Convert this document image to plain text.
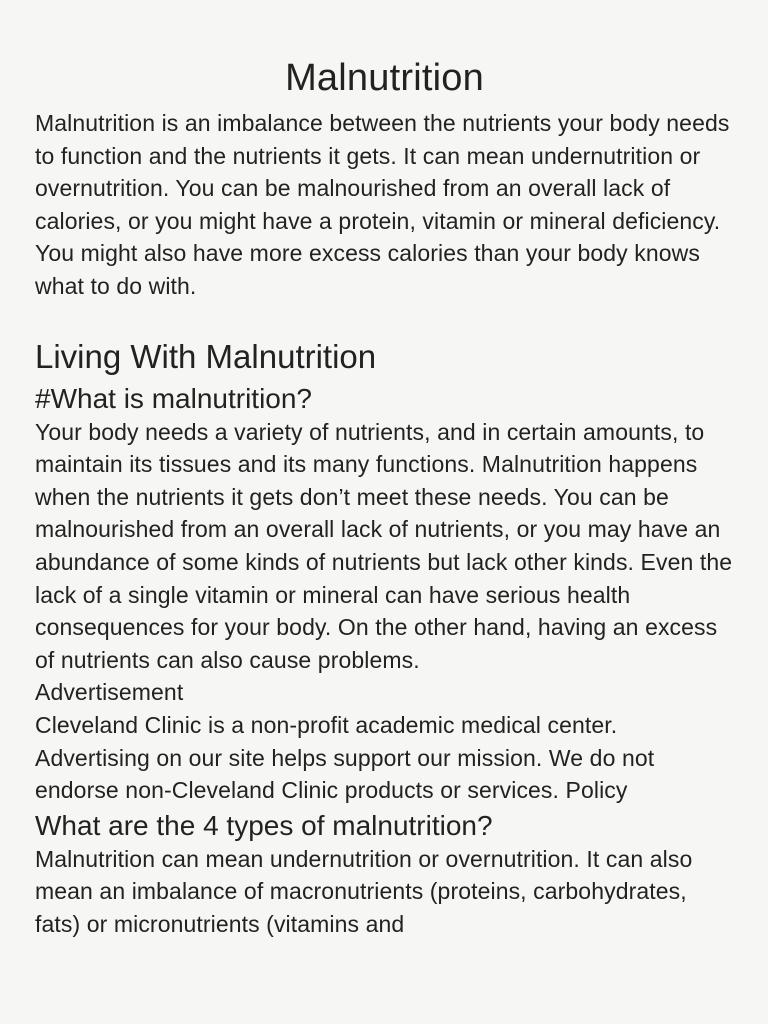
Malnutrition

Malnutrition is an imbalance between the nutrients your body needs to function and the nutrients it gets. It can mean undernutrition or overnutrition. You can be malnourished from an overall lack of calories, or you might have a protein, vitamin or mineral deficiency. You might also have more excess calories than your body knows what to do with.

Living With Malnutrition
#What is malnutrition?

Your body needs a variety of nutrients, and in certain amounts, to maintain its tissues and its many functions. Malnutrition happens when the nutrients it gets don’t meet these needs. You can be malnourished from an overall lack of nutrients, or you may have an abundance of some kinds of nutrients but lack other kinds. Even the lack of a single vitamin or mineral can have serious health consequences for your body. On the other hand, having an excess of nutrients can also cause problems.

Advertisement

Cleveland Clinic is a non-profit academic medical center. Advertising on our site helps support our mission. We do not endorse non-Cleveland Clinic products or services. Policy

What are the 4 types of malnutrition?

Malnutrition can mean undernutrition or overnutrition. It can also mean an imbalance of macronutrients (proteins, carbohydrates, fats) or micronutrients (vitamins and
